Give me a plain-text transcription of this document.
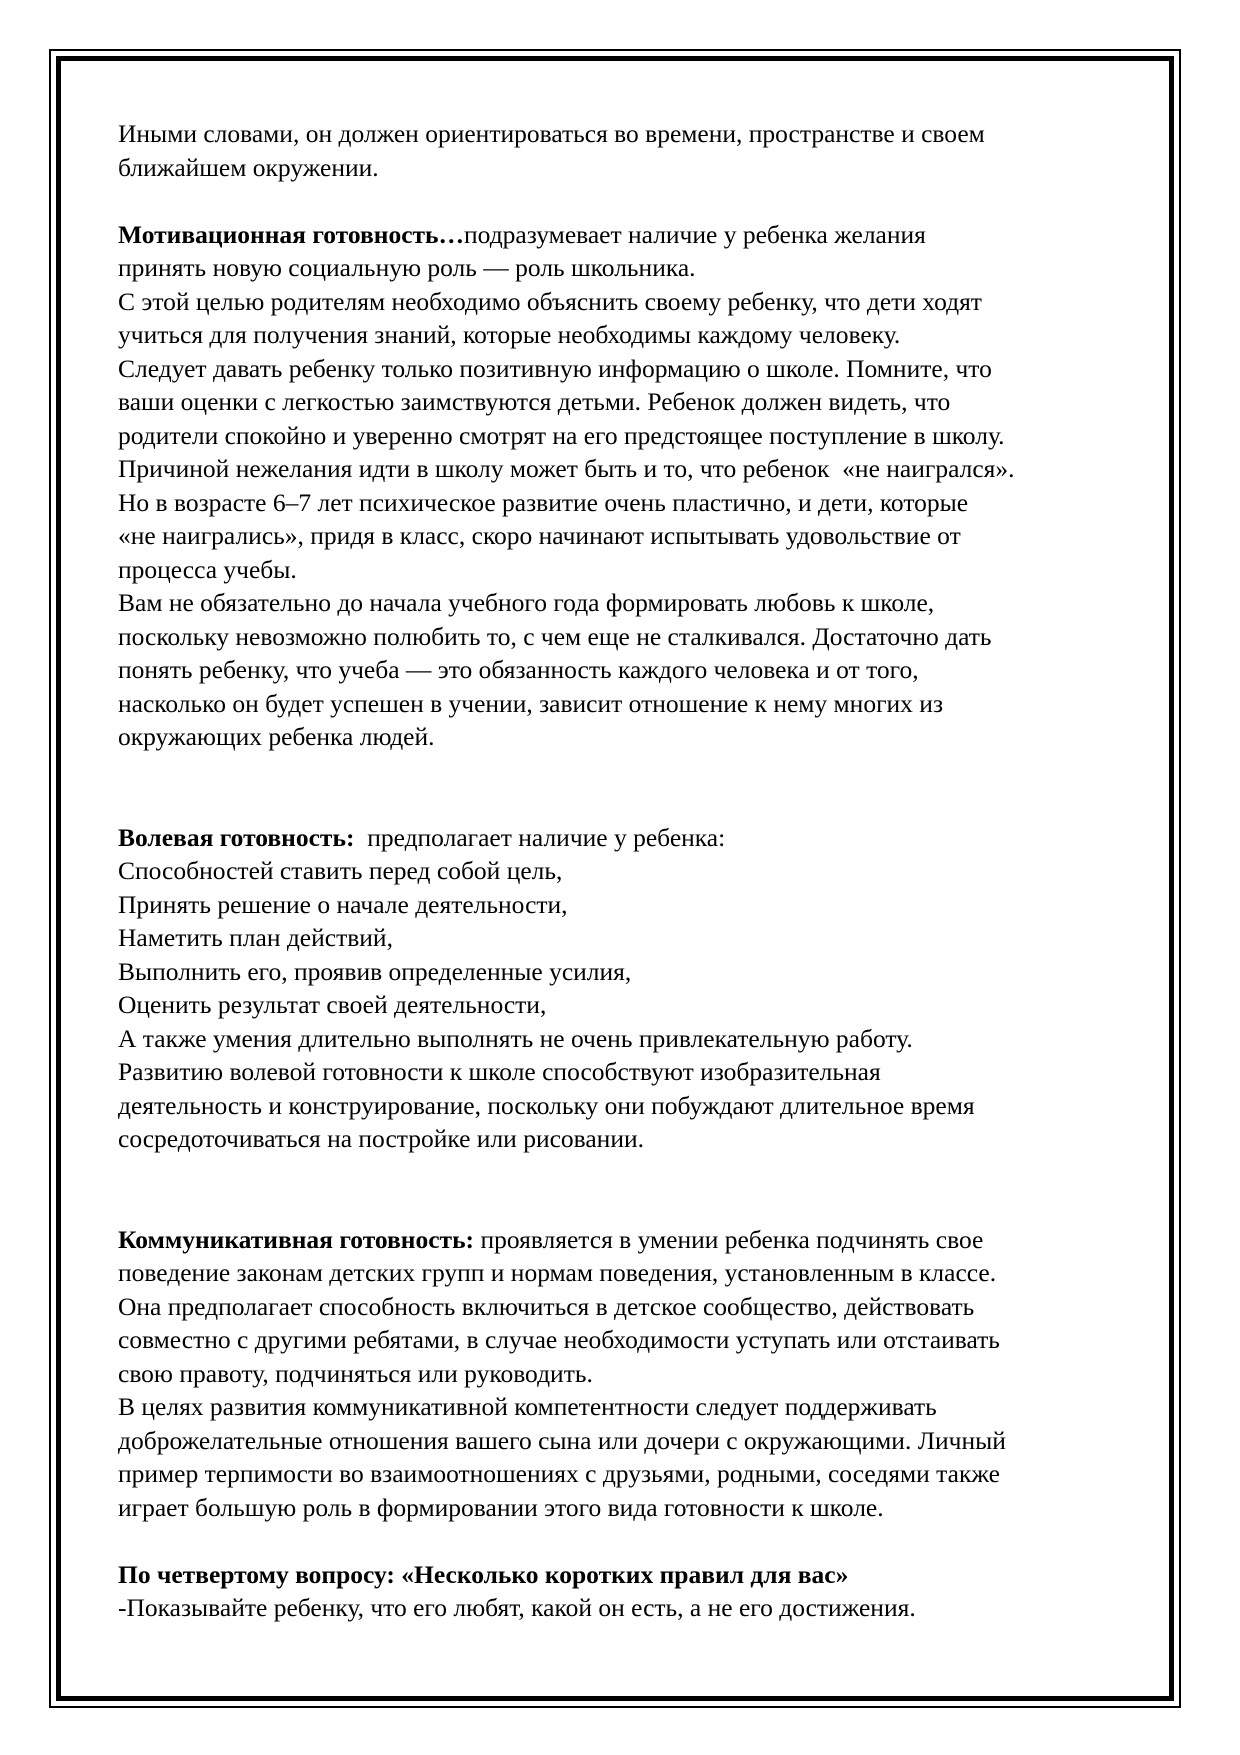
Иными словами, он должен ориентироваться во времени, пространстве и своем
ближайшем окружении.
Мотивационная готовность…подразумевает наличие у ребенка желания
принять новую социальную роль — роль школьника.
С этой целью родителям необходимо объяснить своему ребенку, что дети ходят
учиться для получения знаний, которые необходимы каждому человеку.
Следует давать ребенку только позитивную информацию о школе. Помните, что
ваши оценки с легкостью заимствуются детьми. Ребенок должен видеть, что
родители спокойно и уверенно смотрят на его предстоящее поступление в школу.
Причиной нежелания идти в школу может быть и то, что ребенок  «не наигрался».
Но в возрасте 6–7 лет психическое развитие очень пластично, и дети, которые
«не наигрались», придя в класс, скоро начинают испытывать удовольствие от
процесса учебы.
Вам не обязательно до начала учебного года формировать любовь к школе,
поскольку невозможно полюбить то, с чем еще не сталкивался. Достаточно дать
понять ребенку, что учеба — это обязанность каждого человека и от того,
насколько он будет успешен в учении, зависит отношение к нему многих из
окружающих ребенка людей.
Волевая готовность:  предполагает наличие у ребенка:
Способностей ставить перед собой цель,
Принять решение о начале деятельности,
Наметить план действий,
Выполнить его, проявив определенные усилия,
Оценить результат своей деятельности,
А также умения длительно выполнять не очень привлекательную работу.
Развитию волевой готовности к школе способствуют изобразительная
деятельность и конструирование, поскольку они побуждают длительное время
сосредоточиваться на постройке или рисовании.
Коммуникативная готовность: проявляется в умении ребенка подчинять свое
поведение законам детских групп и нормам поведения, установленным в классе.
Она предполагает способность включиться в детское сообщество, действовать
совместно с другими ребятами, в случае необходимости уступать или отстаивать
свою правоту, подчиняться или руководить.
В целях развития коммуникативной компетентности следует поддерживать
доброжелательные отношения вашего сына или дочери с окружающими. Личный
пример терпимости во взаимоотношениях с друзьями, родными, соседями также
играет большую роль в формировании этого вида готовности к школе.
По четвертому вопросу: «Несколько коротких правил для вас»
-Показывайте ребенку, что его любят, какой он есть, а не его достижения.
